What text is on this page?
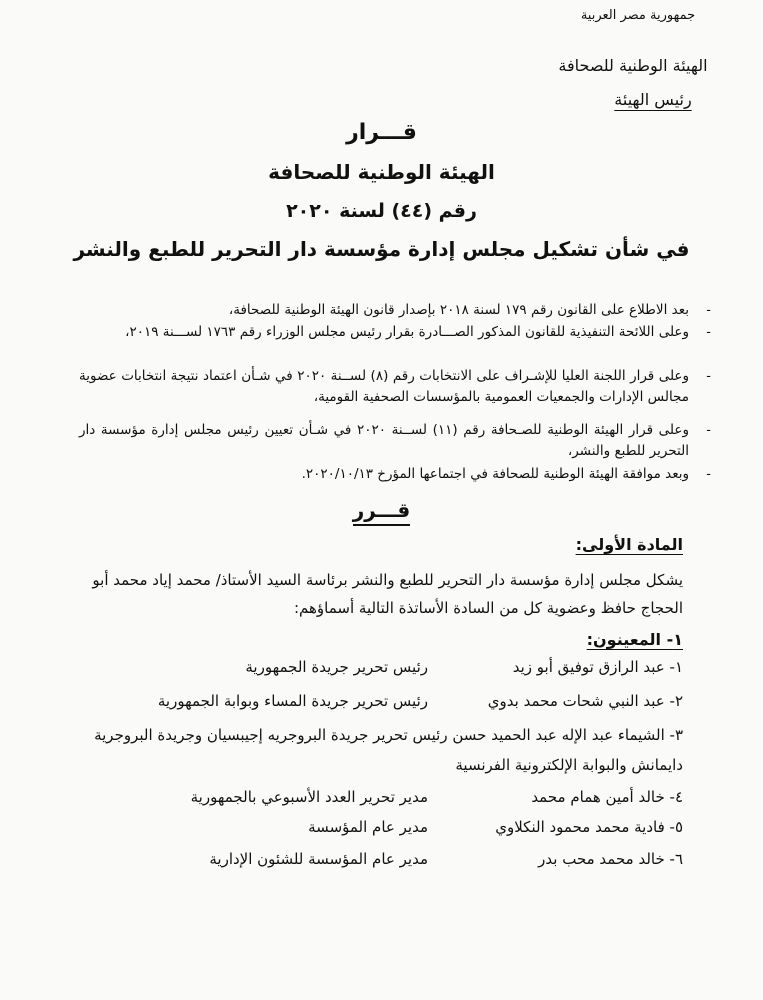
جمهورية مصر العربية
الهيئة الوطنية للصحافة
رئيس الهيئة
قـــرار
الهيئة الوطنية للصحافة
رقم (٤٤) لسنة ٢٠٢٠
في شأن تشكيل مجلس إدارة مؤسسة دار التحرير للطبع والنشر
-
بعد الاطلاع على القانون رقم ١٧٩ لسنة ٢٠١٨ بإصدار قانون الهيئة الوطنية للصحافة،
-
وعلى اللائحة التنفيذية للقانون المذكور الصـــادرة بقرار رئيس مجلس الوزراء رقم ١٧٦٣ لســـنة ٢٠١٩،
-
وعلى قرار اللجنة العليا للإشـراف على الانتخابات رقم (٨) لســنة ٢٠٢٠ في شـأن اعتماد نتيجة انتخابات عضوية مجالس الإدارات والجمعيات العمومية بالمؤسسات الصحفية القومية،
-
وعلى قرار الهيئة الوطنية للصـحافة رقم (١١) لســنة ٢٠٢٠ في شـأن تعيين رئيس مجلس إدارة مؤسسة دار التحرير للطبع والنشر،
-
وبعد موافقة الهيئة الوطنية للصحافة في اجتماعها المؤرخ ٢٠٢٠/١٠/١٣.
قـــرر
المادة الأولى:
يشكل مجلس إدارة مؤسسة دار التحرير للطبع والنشر برئاسة السيد الأستاذ/ محمد إياد محمد أبو الحجاج حافظ وعضوية كل من السادة الأساتذة التالية أسماؤهم:
١- المعينون:
١- عبد الرازق توفيق أبو زيد
رئيس تحرير جريدة الجمهورية
٢- عبد النبي شحات محمد بدوي
رئيس تحرير جريدة المساء وبوابة الجمهورية
٣- الشيماء عبد الإله عبد الحميد حسن رئيس تحرير جريدة البروجريه إجيبسيان وجريدة البروجرية دايمانش والبوابة الإلكترونية الفرنسية
٤- خالد أمين همام محمد
مدير تحرير العدد الأسبوعي بالجمهورية
٥- فادية محمد محمود النكلاوي
مدير عام المؤسسة
٦- خالد محمد محب بدر
مدير عام المؤسسة للشئون الإدارية
